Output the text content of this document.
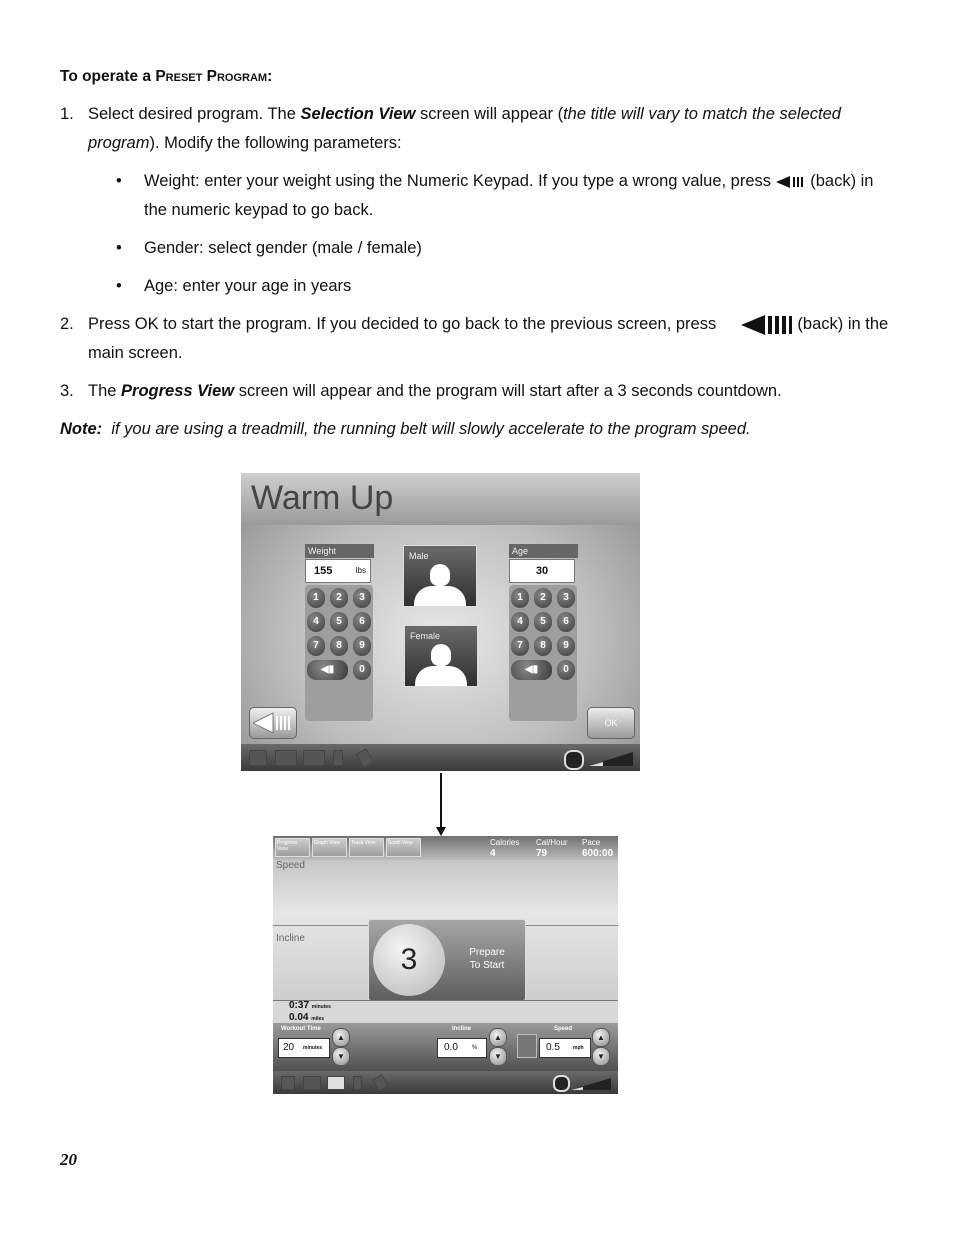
To operate a Preset Program:
1. Select desired program. The Selection View screen will appear (the title will vary to match the selected program). Modify the following parameters:
• Weight: enter your weight using the Numeric Keypad. If you type a wrong value, press (back) in the numeric keypad to go back.
• Gender: select gender (male / female)
• Age: enter your age in years
2. Press OK to start the program. If you decided to go back to the previous screen, press	(back) in the main screen.
3. The Progress View screen will appear and the program will start after a 3 seconds countdown.
Note: if you are using a treadmill, the running belt will slowly accelerate to the program speed.
Warm Up
Weight
155	lbs
1	2	3
4	5	6
7	8	9
◀▮	0
Male
Female
Age
30
1	2	3
4	5	6
7	8	9
◀▮	0
OK
Progress View
Graph View	Track View	Scroll View	Calories
4
Cal/Hour
79
Pace
600:00
Speed
Incline
3	Prepare
To Start
0:37 minutes
0.04 miles
Workout Time
20 minutes
▲
▼
Incline
0.0 %
▲
▼
Speed
0.5	mph
▲
▼
20
